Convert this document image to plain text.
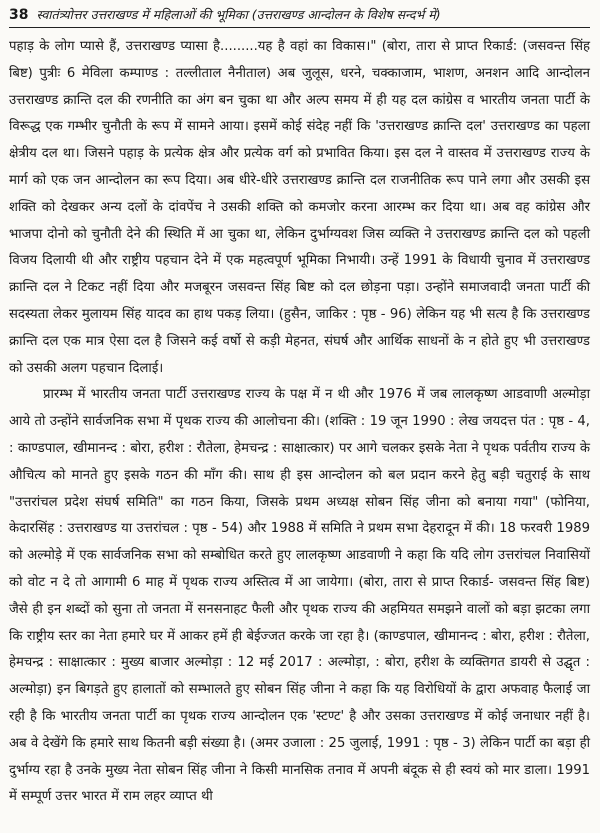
38 स्वातंत्र्योत्तर उत्तराखण्ड में महिलाओं की भूमिका (उत्तराखण्ड आन्दोलन के विशेष सन्दर्भ में)

पहाड़ के लोग प्यासे हैं, उत्तराखण्ड प्यासा है.........यह है वहां का विकास।" (बोरा, तारा से प्राप्त रिकार्ड: (जसवन्त सिंह बिष्ट) पुत्रीः 6 मेविला कम्पाण्ड : तल्लीताल नैनीताल) अब जुलूस, धरने, चक्काजाम, भाशण, अनशन आदि आन्दोलन उत्तराखण्ड क्रान्ति दल की रणनीति का अंग बन चुका था और अल्प समय में ही यह दल कांग्रेस व भारतीय जनता पार्टी के विरूद्ध एक गम्भीर चुनौती के रूप में सामने आया। इसमें कोई संदेह नहीं कि 'उत्तराखण्ड क्रान्ति दल' उत्तराखण्ड का पहला क्षेत्रीय दल था। जिसने पहाड़ के प्रत्येक क्षेत्र और प्रत्येक वर्ग को प्रभावित किया। इस दल ने वास्तव में उत्तराखण्ड राज्य के मार्ग को एक जन आन्दोलन का रूप दिया। अब धीरे-धीरे उत्तराखण्ड क्रान्ति दल राजनीतिक रूप पाने लगा और उसकी इस शक्ति को देखकर अन्य दलों के दांवपेंच ने उसकी शक्ति को कमजोर करना आरम्भ कर दिया था। अब वह कांग्रेस और भाजपा दोनो को चुनौती देने की स्थिति में आ चुका था, लेकिन दुर्भाग्यवश जिस व्यक्ति ने उत्तराखण्ड क्रान्ति दल को पहली विजय दिलायी थी और राष्ट्रीय पहचान देने में एक महत्वपूर्ण भूमिका निभायी। उन्हें 1991 के विधायी चुनाव में उत्तराखण्ड क्रान्ति दल ने टिकट नहीं दिया और मजबूरन जसवन्त सिंह बिष्ट को दल छोड़ना पड़ा। उन्होंने समाजवादी जनता पार्टी की सदस्यता लेकर मुलायम सिंह यादव का हाथ पकड़ लिया। (हुसैन, जाकिर : पृष्ठ - 96) लेकिन यह भी सत्य है कि उत्तराखण्ड क्रान्ति दल एक मात्र ऐसा दल है जिसने कई वर्षो से कड़ी मेहनत, संघर्ष और आर्थिक साधनों के न होते हुए भी उत्तराखण्ड को उसकी अलग पहचान दिलाई।

प्रारम्भ में भारतीय जनता पार्टी उत्तराखण्ड राज्य के पक्ष में न थी और 1976 में जब लालकृष्ण आडवाणी अल्मोड़ा आये तो उन्होंने सार्वजनिक सभा में पृथक राज्य की आलोचना की। (शक्ति : 19 जून 1990 : लेख जयदत्त पंत : पृष्ठ - 4, : काण्डपाल, खीमानन्द : बोरा, हरीश : रौतेला, हेमचन्द्र : साक्षात्कार) पर आगे चलकर इसके नेता ने पृथक पर्वतीय राज्य के औचित्य को मानते हुए इसके गठन की माँग की। साथ ही इस आन्दोलन को बल प्रदान करने हेतु बड़ी चतुराई के साथ "उत्तरांचल प्रदेश संघर्ष समिति" का गठन किया, जिसके प्रथम अध्यक्ष सोबन सिंह जीना को बनाया गया" (फोनिया, केदारसिंह : उत्तराखण्ड या उत्तरांचल : पृष्ठ - 54) और 1988 में समिति ने प्रथम सभा देहरादून में की। 18 फरवरी 1989 को अल्मोड़े में एक सार्वजनिक सभा को सम्बोधित करते हुए लालकृष्ण आडवाणी ने कहा कि यदि लोग उत्तरांचल निवासियों को वोट न दे तो आगामी 6 माह में पृथक राज्य अस्तित्व में आ जायेगा। (बोरा, तारा से प्राप्त रिकार्ड- जसवन्त सिंह बिष्ट) जैसे ही इन शब्दों को सुना तो जनता में सनसनाहट फैली और पृथक राज्य की अहमियत समझने वालों को बड़ा झटका लगा कि राष्ट्रीय स्तर का नेता हमारे घर में आकर हमें ही बेईज्जत करके जा रहा है। (काण्डपाल, खीमानन्द : बोरा, हरीश : रौतेला, हेमचन्द्र : साक्षात्कार : मुख्य बाजार अल्मोड़ा : 12 मई 2017 : अल्मोड़ा, : बोरा, हरीश के व्यक्तिगत डायरी से उद्घृत : अल्मोड़ा) इन बिगड़ते हुए हालातों को सम्भालते हुए सोबन सिंह जीना ने कहा कि यह विरोधियों के द्वारा अफवाह फैलाई जा रही है कि भारतीय जनता पार्टी का पृथक राज्य आन्दोलन एक 'स्टण्ट' है और उसका उत्तराखण्ड में कोई जनाधार नहीं है। अब वे देखेंगे कि हमारे साथ कितनी बड़ी संख्या है। (अमर उजाला : 25 जुलाई, 1991 : पृष्ठ - 3) लेकिन पार्टी का बड़ा ही दुर्भाग्य रहा है उनके मुख्य नेता सोबन सिंह जीना ने किसी मानसिक तनाव में अपनी बंदूक से ही स्वयं को मार डाला। 1991 में सम्पूर्ण उत्तर भारत में राम लहर व्याप्त थी
